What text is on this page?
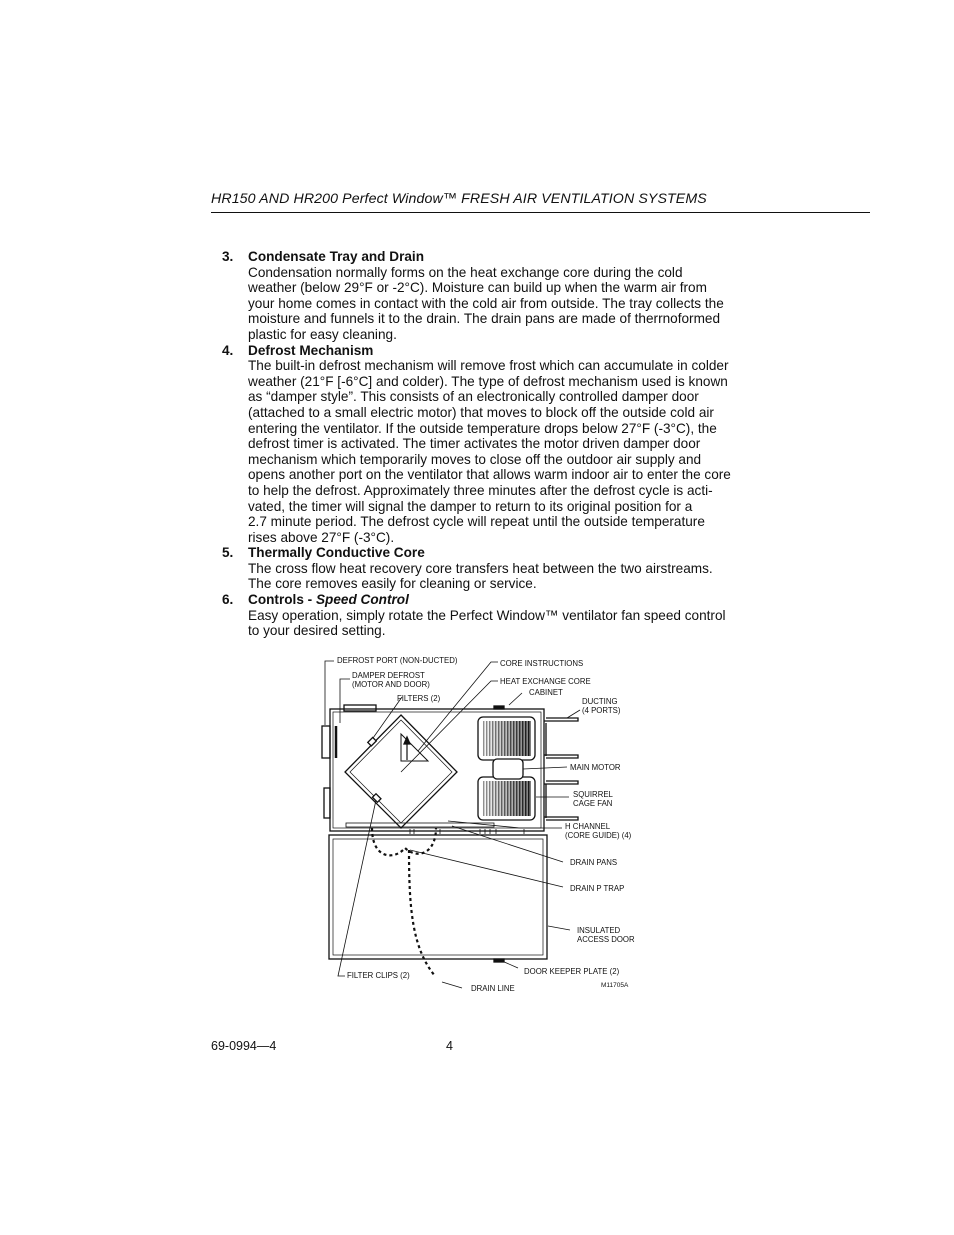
HR150 AND HR200 Perfect Window™ FRESH AIR VENTILATION SYSTEMS
3. Condensate Tray and Drain
Condensation normally forms on the heat exchange core during the cold
weather (below 29°F or -2°C). Moisture can build up when the warm air from
your home comes in contact with the cold air from outside. The tray collects the
moisture and funnels it to the drain. The drain pans are made of therrnoformed
plastic for easy cleaning.
4. Defrost Mechanism
The built-in defrost mechanism will remove frost which can accumulate in colder
weather (21°F [-6°C] and colder). The type of defrost mechanism used is known
as “damper style”. This consists of an electronically controlled damper door
(attached to a small electric motor) that moves to block off the outside cold air
entering the ventilator. If the outside temperature drops below 27°F (-3°C), the
defrost timer is activated. The timer activates the motor driven damper door
mechanism which temporarily moves to close off the outdoor air supply and
opens another port on the ventilator that allows warm indoor air to enter the core
to help the defrost. Approximately three minutes after the defrost cycle is acti-
vated, the timer will signal the damper to return to its original position for a
2.7 minute period. The defrost cycle will repeat until the outside temperature
rises above 27°F (-3°C).
5. Thermally Conductive Core
The cross flow heat recovery core transfers heat between the two airstreams.
The core removes easily for cleaning or service.
6. Controls - Speed Control
Easy operation, simply rotate the Perfect Window™ ventilator fan speed control
to your desired setting.
DEFROST PORT (NON-DUCTED)
DAMPER DEFROST
(MOTOR AND DOOR)
FILTERS (2)
CORE INSTRUCTIONS
HEAT EXCHANGE CORE
CABINET
DUCTING
(4 PORTS)
MAIN MOTOR
SQUIRREL
CAGE FAN
H CHANNEL
(CORE GUIDE) (4)
DRAIN PANS
DRAIN P TRAP
INSULATED
ACCESS DOOR
DOOR KEEPER PLATE (2)
FILTER CLIPS (2)
DRAIN LINE	M11705A
69-0994—4	4
